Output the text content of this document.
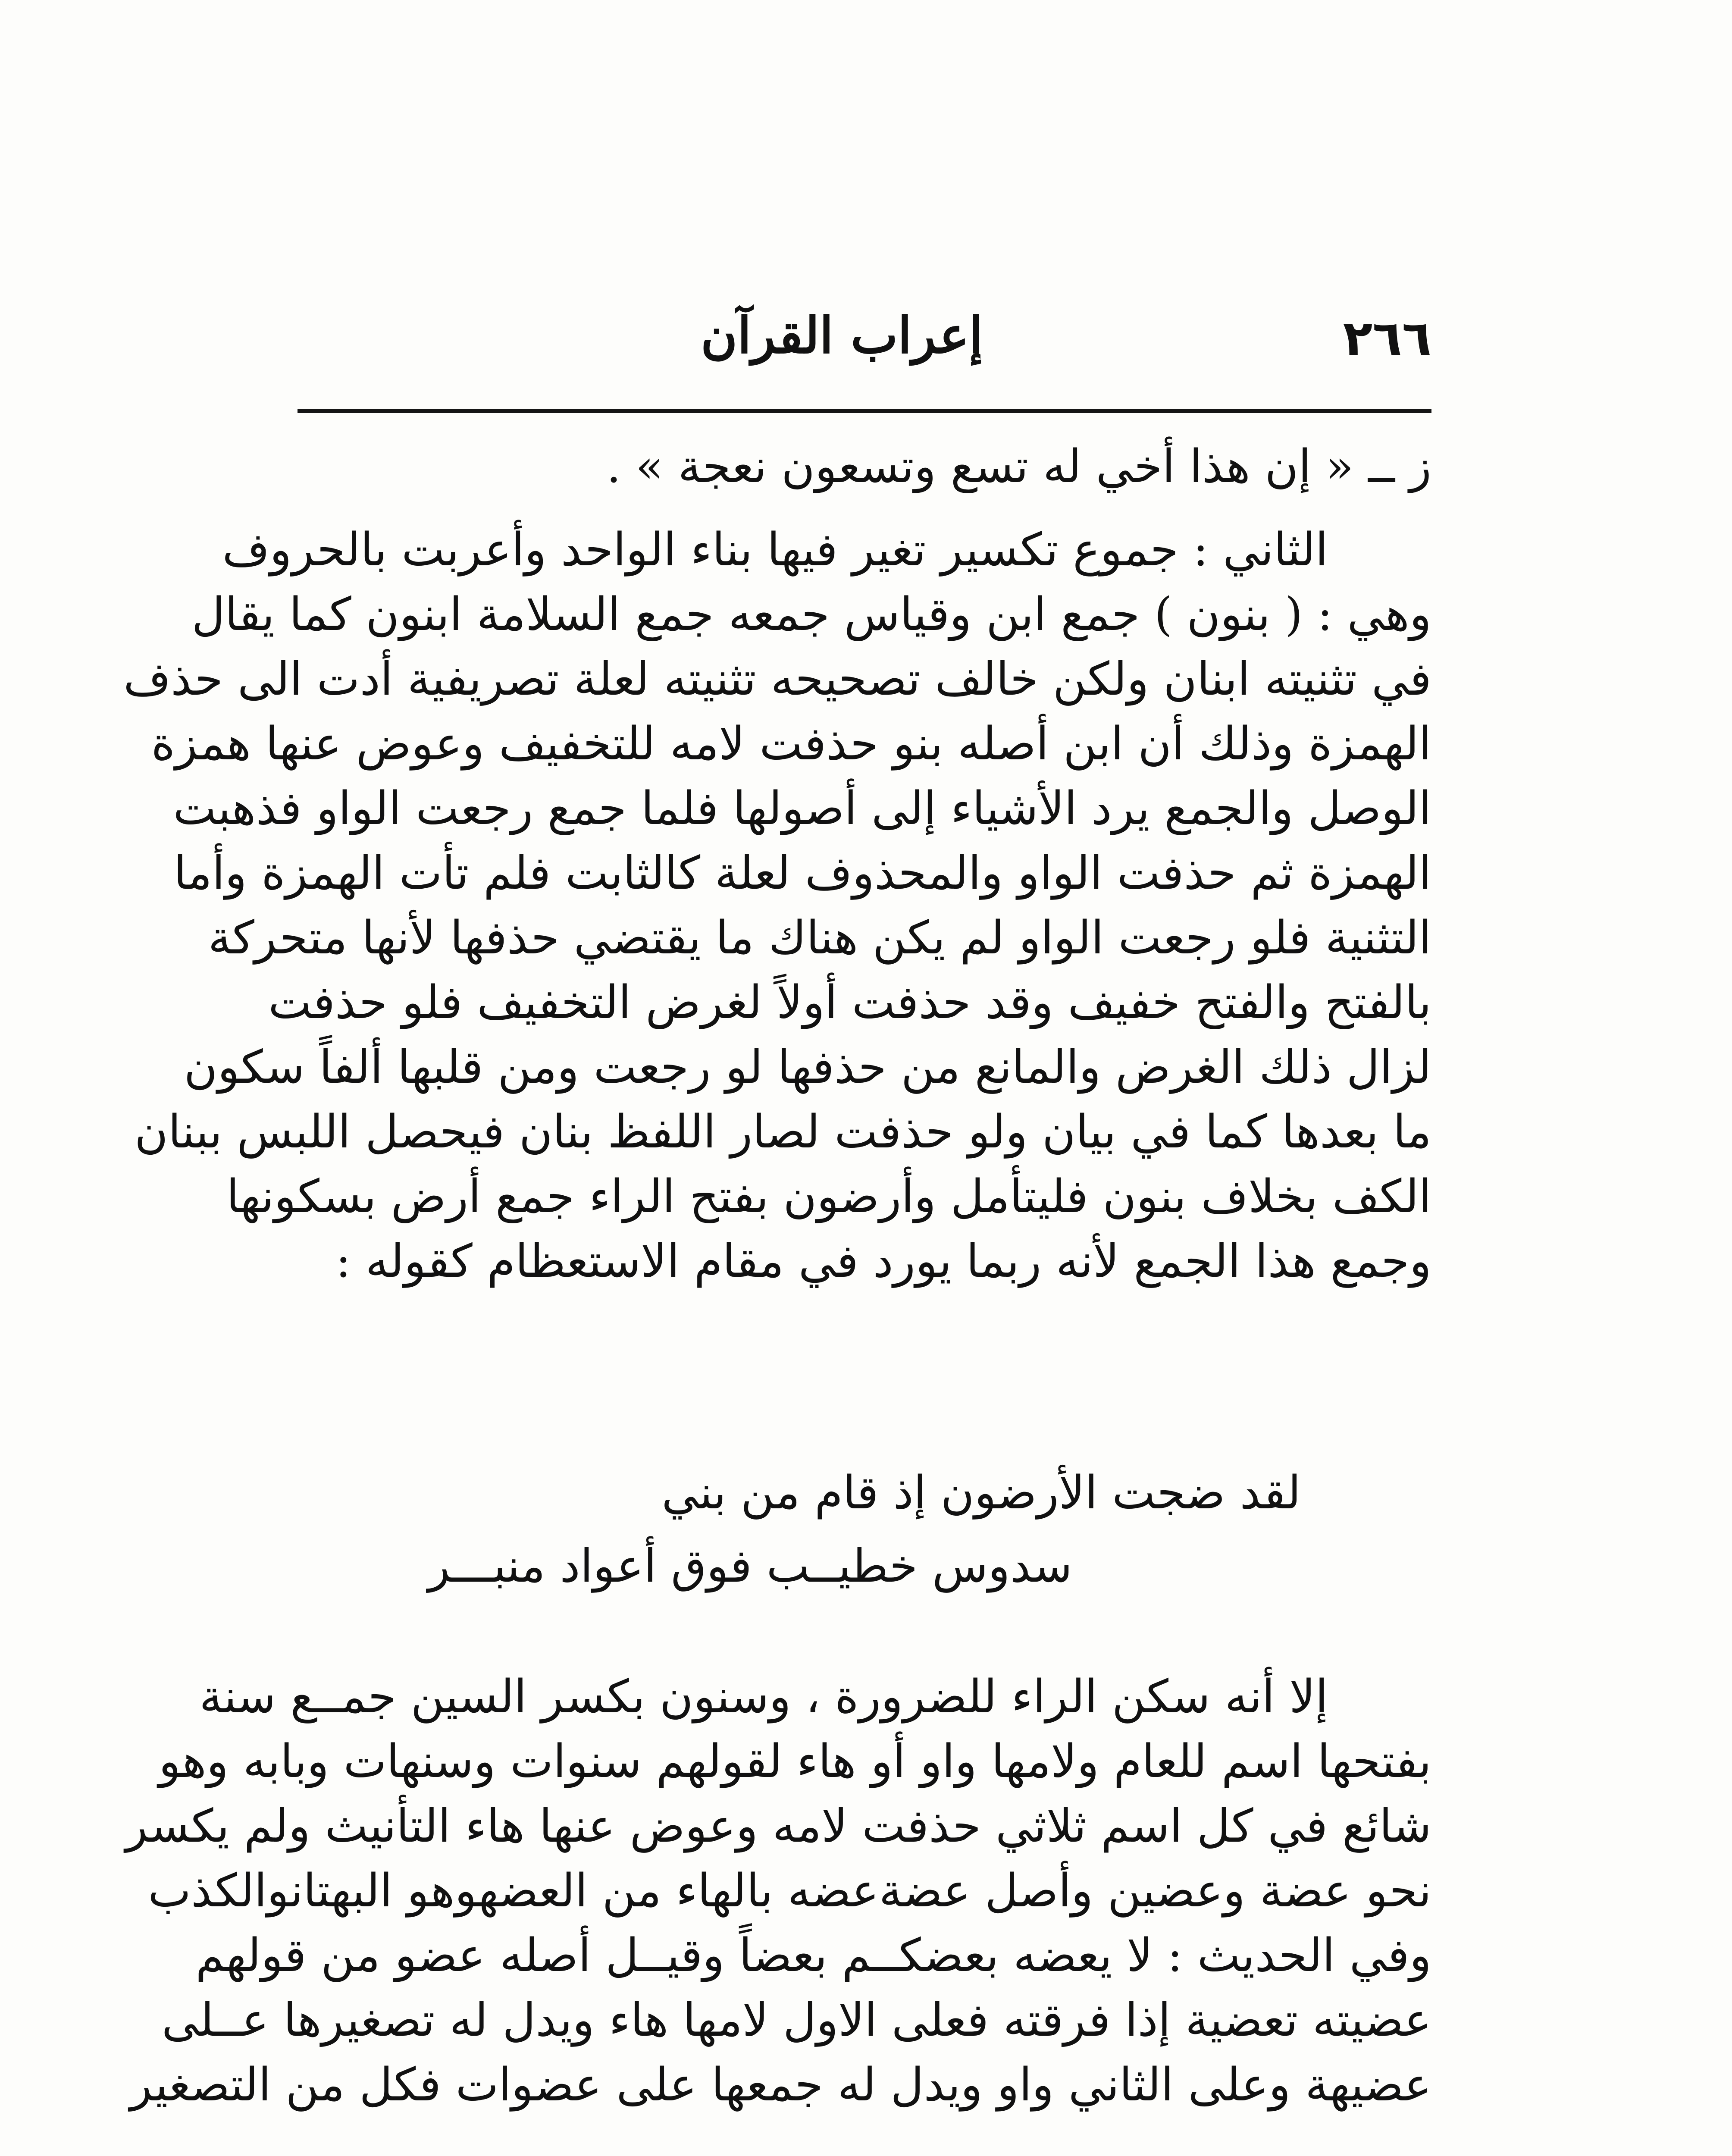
٢٦٦
إعراب القرآن
ز ــ « إن هذا أخي له تسع وتسعون نعجة » .
الثاني : جموع تكسير تغير فيها بناء الواحد وأعربت بالحروف
وهي : ( بنون ) جمع ابن وقياس جمعه جمع السلامة ابنون كما يقال
في تثنيته ابنان ولكن خالف تصحيحه تثنيته لعلة تصريفية أدت الى حذف
الهمزة وذلك أن ابن أصله بنو حذفت لامه للتخفيف وعوض عنها همزة
الوصل والجمع يرد الأشياء إلى أصولها فلما جمع رجعت الواو فذهبت
الهمزة ثم حذفت الواو والمحذوف لعلة كالثابت فلم تأت الهمزة وأما
التثنية فلو رجعت الواو لم يكن هناك ما يقتضي حذفها لأنها متحركة
بالفتح والفتح خفيف وقد حذفت أولاً لغرض التخفيف فلو حذفت
لزال ذلك الغرض والمانع من حذفها لو رجعت ومن قلبها ألفاً سكون
ما بعدها كما في بيان ولو حذفت لصار اللفظ بنان فيحصل اللبس ببنان
الكف بخلاف بنون فليتأمل وأرضون بفتح الراء جمع أرض بسكونها
وجمع هذا الجمع لأنه ربما يورد في مقام الاستعظام كقوله :
لقد ضجت الأرضون إذ قام من بني
سدوس خطيــب فوق أعواد منبـــر
إلا أنه سكن الراء للضرورة ، وسنون بكسر السين جمــع سنة
بفتحها اسم للعام ولامها واو أو هاء لقولهم سنوات وسنهات وبابه وهو
شائع في كل اسم ثلاثي حذفت لامه وعوض عنها هاء التأنيث ولم يكسر
نحو عضة وعضين وأصل عضةعضه بالهاء من العضهوهو البهتانوالكذب
وفي الحديث : لا يعضه بعضكــم بعضاً وقيــل أصله عضو من قولهم
عضيته تعضية إذا فرقته فعلى الاول لامها هاء ويدل له تصغيرها عــلى
عضيهة وعلى الثاني واو ويدل له جمعها على عضوات فكل من التصغير
